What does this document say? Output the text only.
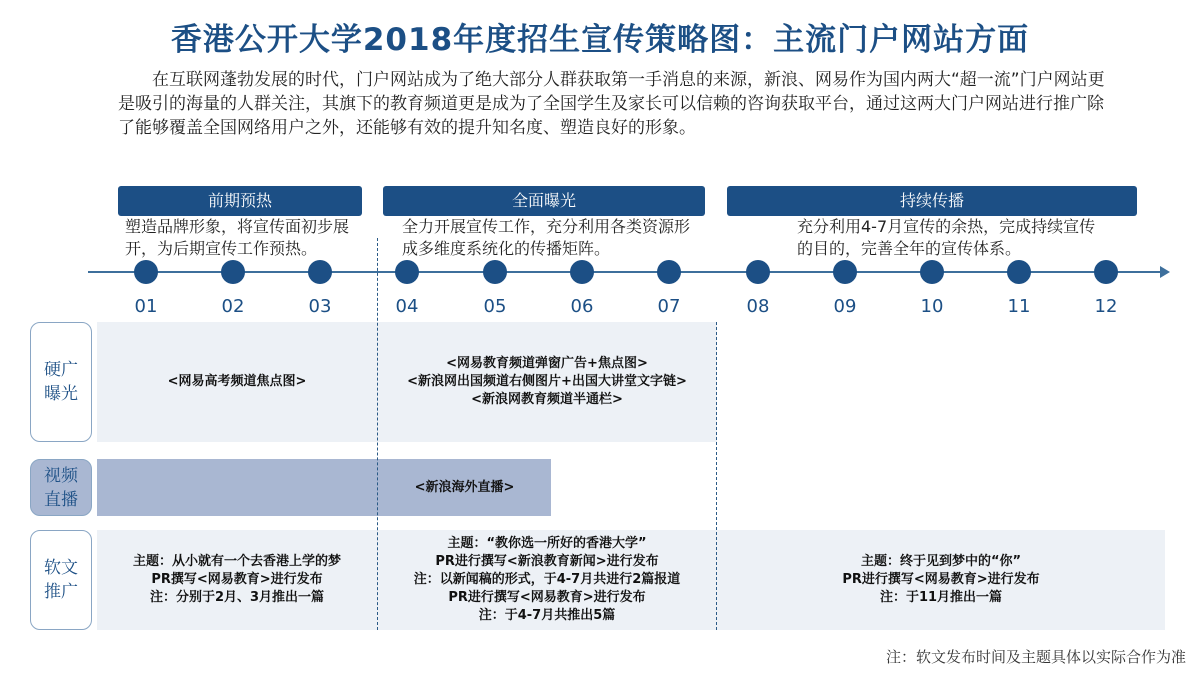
香港公开大学2018年度招生宣传策略图：主流门户网站方面
在互联网蓬勃发展的时代，门户网站成为了绝大部分人群获取第一手消息的来源，新浪、网易作为国内两大“超一流”门户网站更是吸引的海量的人群关注，其旗下的教育频道更是成为了全国学生及家长可以信赖的咨询获取平台，通过这两大门户网站进行推广除了能够覆盖全国网络用户之外，还能够有效的提升知名度、塑造良好的形象。
前期预热	全面曝光	持续传播
塑造品牌形象，将宣传面初步展开，为后期宣传工作预热。
全力开展宣传工作，充分利用各类资源形成多维度系统化的传播矩阵。
充分利用4-7月宣传的余热，完成持续宣传的目的，完善全年的宣传体系。
01	02	03	04	05	06	07	08	09	10	11	12
硬广曝光
视频直播
软文推广
<网易高考频道焦点图>
<网易教育频道弹窗广告+焦点图>
<新浪网出国频道右侧图片+出国大讲堂文字链>
<新浪网教育频道半通栏>
<新浪海外直播>
主题：从小就有一个去香港上学的梦
PR撰写<网易教育>进行发布
注：分别于2月、3月推出一篇
主题：“教你选一所好的香港大学”
PR进行撰写<新浪教育新闻>进行发布
注：以新闻稿的形式，于4-7月共进行2篇报道
PR进行撰写<网易教育>进行发布
注：于4-7月共推出5篇
主题：终于见到梦中的“你”
PR进行撰写<网易教育>进行发布
注：于11月推出一篇
注：软文发布时间及主题具体以实际合作为准
